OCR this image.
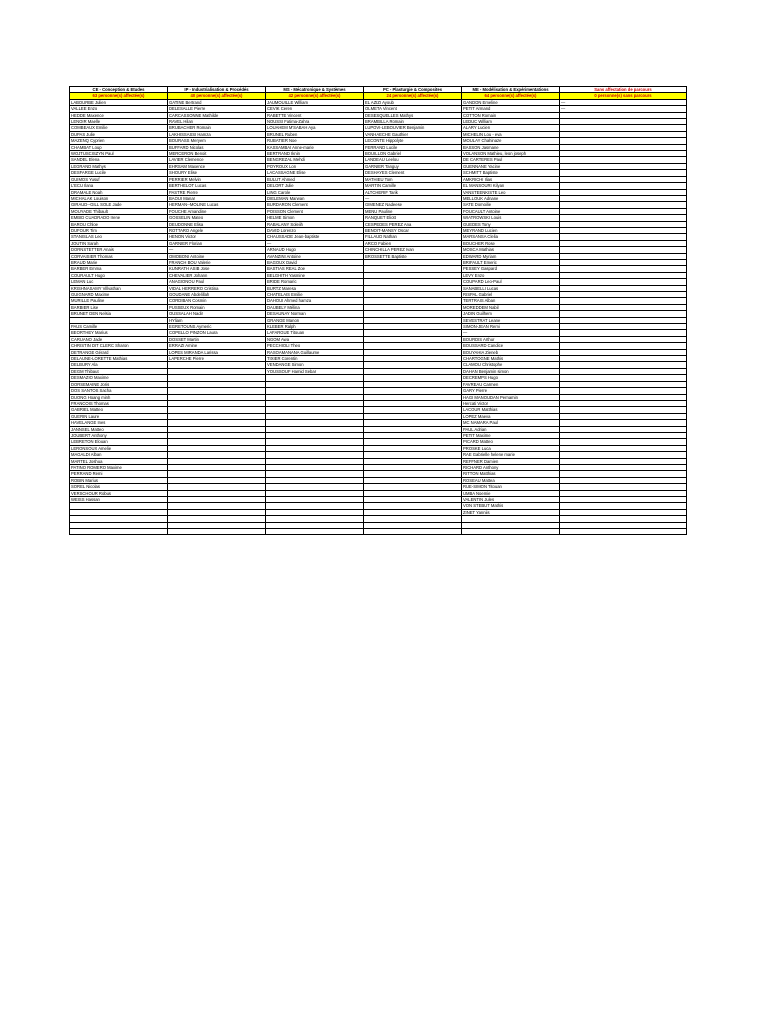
CE - Conception & Etudes	IP - Industrialisation & Procédés	MS - Mécatronique & Systèmes	PC - Plasturgie & Composites	ME - Modélisation & Expérimentations	Sans affectation de parcours
63 personne(s) affectée(s)	40 personne(s) affectée(s)	42 personne(s) affectée(s)	24 personne(s) affectée(s)	64 personne(s) affectée(s)	0 personne(s) sans parcours
LABOURBE Julien	GATINE Bertrand	JAUMOUILLE William	EL AZIZI Ayoub	GANDON Emeline	—
VALLEE Enzo	DELESALLE Pierre	CEVIK Ceren	OLMETA Vincent	PETIT Armand	—
HEDDE Maxence	CARCASSONNE Mathilde	RABETTE Vincent	DESESQUELLES Mathys	COTTON Romain	
LENOIR Maelle	RAVEL Hilan	NOUSSI Fatima-Zahra	BRAMBILLA Romain	LEDUC William	
COMBEAUX Emilie	BRUBACHER Romain	LOUAHEM M'SABAH Aya	LUPOVI-LEBOUVIER Benjamin	ALARY Lucien	
DUPAS Julie	LAKHISSASSI Hamza	BRUNEL Ruben	VANHAECHE Gauthier	MICHELIN Lou - eva	
MAZENQ Cyprien	BOURASS Meryem	RUBATIER Noe	LECONTE Hippolyte	MOULAY Chahinaze	
CHAMBAT Loup	BUFFARD Nicolas	KASSAMBAI Anne-marie	FERRAND Lucile	BASSON Jasmane	
WOJTUSCISZYN Paul	MERCERON Benoit	BERTRAND Iknin	BOUILLON Gabriel	VOLANSON Mathieu, leon joseph	
SANDEL Elena	LAVIER Clemence	BENGREZAL Mehdi	LANDEAU Leelou	DE CARTERES Paul	
LEGRAND Mathys	EHRSAM Maxence	POYROUX Lon	GARNIER Tanguy	GUENNANE Yacine	
DESFARGE Lucile	SHOURY Elise	LACASSAGNE Elise	DESHAYES Clement	SCHMITT Baptiste	
GUIMOS Yusuf	PERRIER Melvin	BULUT Ahmed	MATHIEU Tom	AMKRICHI Ilias	
L'ECU Ilana	BERTHELOT Lucas	DELORT Julie	MARTIN Camille	EL MANSOURI Kilyan	
DRAMALE Noah	PASTRE Pierre	LING Carole	ALTCHERIF Tarik	VANSTEENKISTE Leo	
MICHALAK Louison	BAOUI Manar	DIELEMAN Marwan	—	MELLOUK Adnane	
GIRAUD--GILL SOLE Jade	HERMAN--MOLINE Lucas	BURDARON Clement	GIMENEZ Nadeese	SATE Domoilie	
MOUYADE Thibault	FOUCHE Amandine	POISSON Clement	MENU Pauline	FOUCAULT Antoine	
EMBID CUADRADO Irene	GOSSELIN Mateo	HELME Simon	RANQUET Eliott	WIATROWSKI Louis	
BAROU Chloe	DEUDONNE Elisa	RABALANY Soleiih	CESPEDES PEREZ Ana	GUEDES Tony	
DUFOUR Tim	ROTTARO Angele	DAVID Lorenzo	BENOIT-MANSY Oscar	MEYRAND Lucien	
STANISLAS Leo	HENON Victor	CHAUSSADE Jean-baptiste	FILLAUD Nathan	MARSANSA Clelia	
JOUTIN Sarah	GARNIER Florian	—	ARCO Fabien	BOUCHER Rose	
DORNSTETTER Anais	—	ARNAUD Hugo	CHINCHILLA PEREZ Ivan	MOSCA Mathias	
CORVAISIER Thomas	OMOBONI Antoine	AVANZINI Antoine	BROSSETTE Baptiste	EDWARD Myriam	
BRAUD Marie	FRANCH BOU Valerie	BAGOUX David		BRIFAULT Emeric	
BARBER Emma	KUNRATH ASIB Jose	BASTIAS REAL Zoe		PESSEY Gaspard	
COURAULT Hugo	CHEVALIER Johann	BELGHITH Yasmine		LEVY Enzo	
LEMAN Luc	ANAGIONOU Paul	BRIDE Romaric		COUPARD Leo-Paul	
KRISHNASAMY Villvathan	VIDAL HERRERO Cristina	BURTZ Maresa		SANABELLI Lucas	
GUIGNARD Maxime	GOUDANE Abdelillah	CHATELAIS Emilie		RISPAL Gabriel	
MURILLE Pauline	CORDIBAN Cosmin	DAHOUI Ahmed hamza		TERTRAIS Alban	
BARBIER Lise	PUSSEUX Romain	DAUBELY Mélina		MOREDDEM Nabil	
BRUNET DEN Nelsia	OUSSALAH Nadir	DESAUNAY Norman		JADIN Guilhem	
	HYliam	GRANGE Manon		SEVESTRAT Leane	
PAUS Camille	EGRETOUNS Aymeric	KLEBER Ralph		SIMON-JEAN Remi	
BEORTHEY Marius	COPELLO PINZON Laura	LAFARGUE Titouan		—	
CARUANO Jade	DOSSET Martin	NGOM Awa		BOURDIS Arthur	
CHRISTIN DIT CLERC Sharon	ERRAZI Amine	PECCHIOLI Theo		BOUSSARD Candice	
DETRANGE Gérard	LOPES MIRANDA Larissa	RASOAMANANA Guillaume		BOUYAHIA Zieneb	
DELAUNE-LORETTE Mathias	LAPERCHE Pierre	TIXIER Corentin		CHARTOGNE Mathis	
DELBURY Ala		VENDANGE Simon		CLAMOU Christophe	
DEGM Thibaut		YOUSSOUF Hamid Sebar		DAHAN Benjamin simon	
DESMAZIO Maxime				DECREMPS Hugo	
DORSEMAINE Joris				FAVREAU Carmen	
DOS SANTOS Sacha				GARY Pierre	
DUONG Hoang minh				HAGI MANOUDAN Pernamin	
FRANCOIS Thomas				Hercati Victor	
GABRIEL Matteo				LACOUR Matthias	
GUERIN Laure				LOPEZ Maeva	
HAVELANGE Ines				MC NAMARA Paul	
JANNSEL Matteo				PAUL Adrian	
JOUBERT Anthony				PETIT Maxime	
LEBRETON Elouan				PICARD Matteo	
LERONSOUX Amelie				PROSKE Luca	
MAGALDI Alban				RAE Gabrielle helene marie	
MARTEL Joshua				REFFNER Damien	
PATINO ROMERO Maxime				RICHARD Anthony	
PERRAND Remi				RITTON Matthias	
ROBIN Marius				ROSEAU Mattea	
SOREL Nicolas				RUE-SIMON Titouan	
VERSCHOUR Robus				UMBA Noemie	
WEISS Hassan				VALENTIN Jules	
				VON STEBUT Mathis	
				ZINET Yanniis	
